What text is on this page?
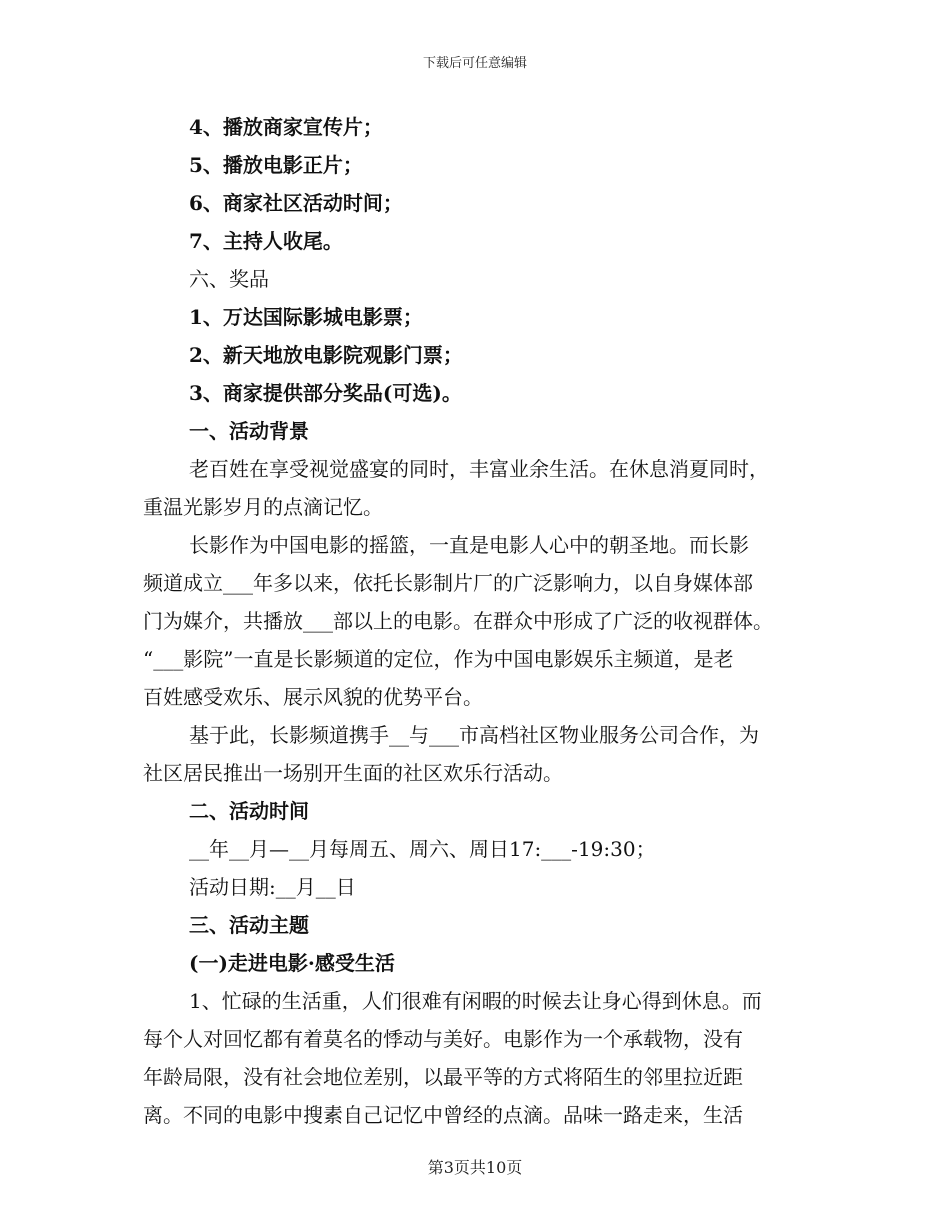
下载后可任意编辑
4、播放商家宣传片；
5、播放电影正片；
6、商家社区活动时间；
7、主持人收尾。
六、奖品
1、万达国际影城电影票；
2、新天地放电影院观影门票；
3、商家提供部分奖品(可选)。
一、活动背景
老百姓在享受视觉盛宴的同时，丰富业余生活。在休息消夏同时，
重温光影岁月的点滴记忆。
长影作为中国电影的摇篮，一直是电影人心中的朝圣地。而长影
频道成立___年多以来，依托长影制片厂的广泛影响力，以自身媒体部
门为媒介，共播放___部以上的电影。在群众中形成了广泛的收视群体。
“___影院”一直是长影频道的定位，作为中国电影娱乐主频道，是老
百姓感受欢乐、展示风貌的优势平台。
基于此，长影频道携手__与___市高档社区物业服务公司合作，为
社区居民推出一场别开生面的社区欢乐行活动。
二、活动时间
__年__月—__月每周五、周六、周日17:___-19:30；
活动日期:__月__日
三、活动主题
(一)走进电影·感受生活
1、忙碌的生活重，人们很难有闲暇的时候去让身心得到休息。而
每个人对回忆都有着莫名的悸动与美好。电影作为一个承载物，没有
年龄局限，没有社会地位差别，以最平等的方式将陌生的邻里拉近距
离。不同的电影中搜素自己记忆中曾经的点滴。品味一路走来，生活
第3页共10页
